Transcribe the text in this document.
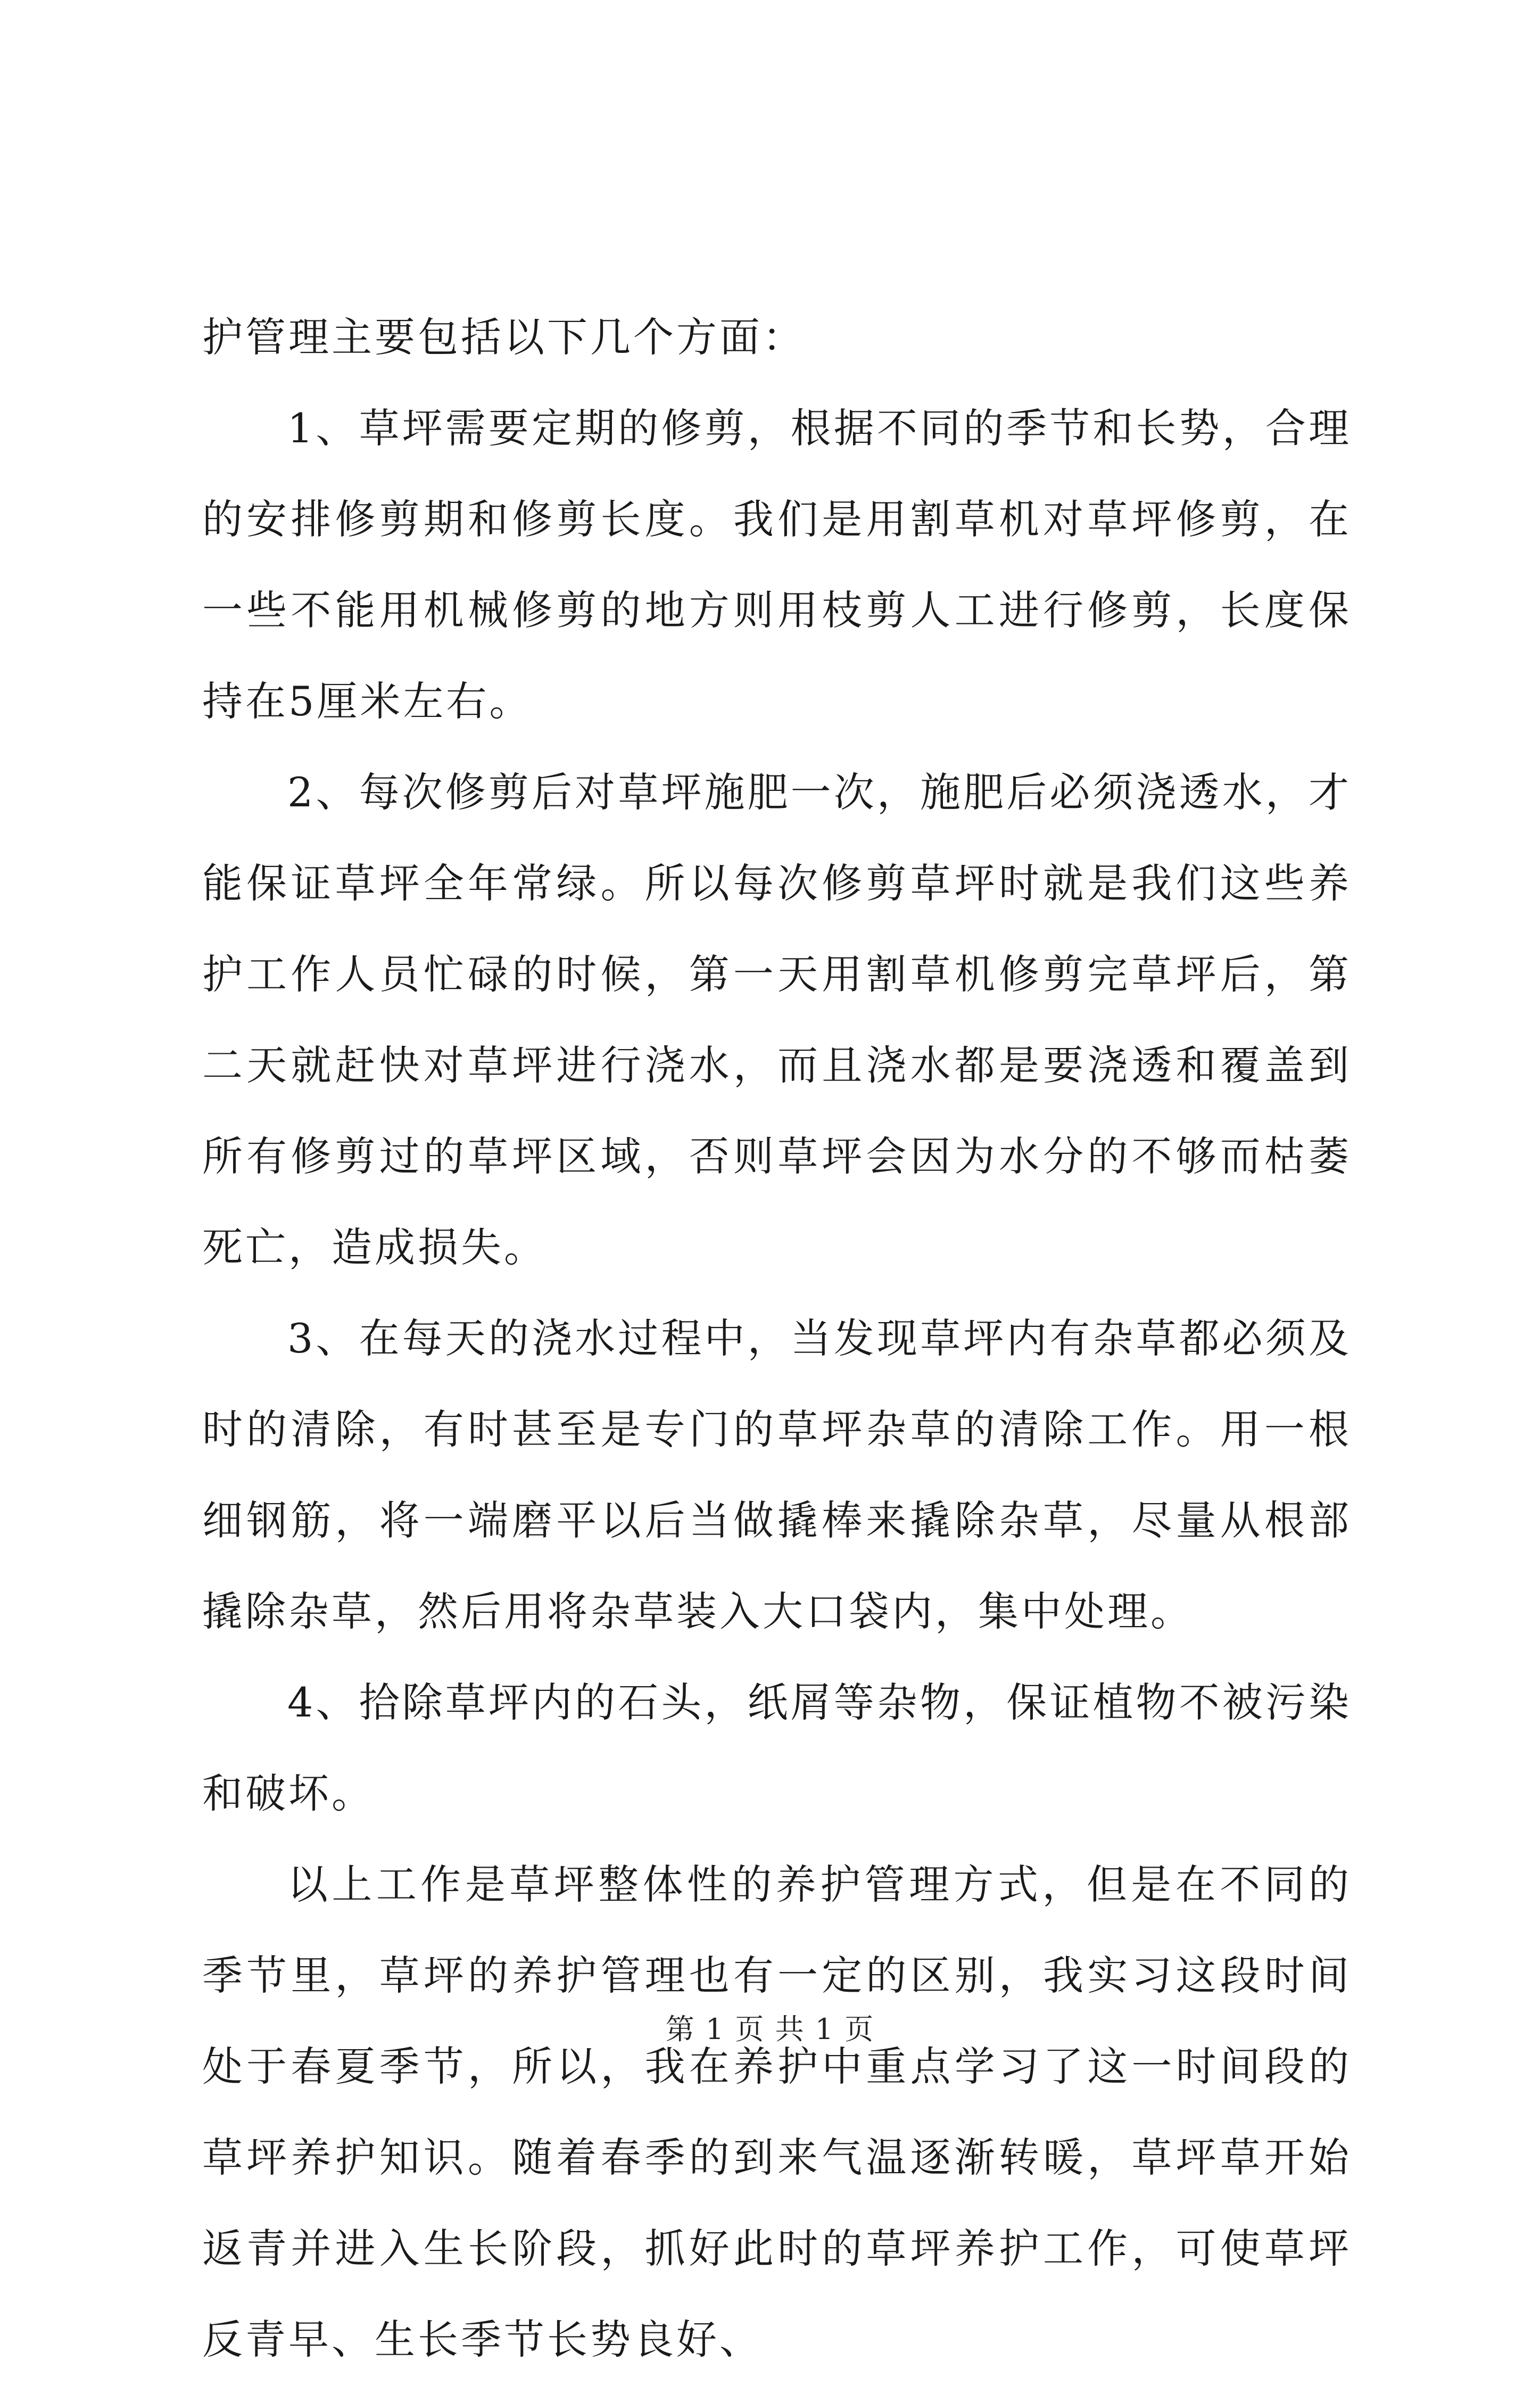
护管理主要包括以下几个方面：

1、草坪需要定期的修剪，根据不同的季节和长势，合理的安排修剪期和修剪长度。我们是用割草机对草坪修剪，在一些不能用机械修剪的地方则用枝剪人工进行修剪，长度保持在5厘米左右。

2、每次修剪后对草坪施肥一次，施肥后必须浇透水，才能保证草坪全年常绿。所以每次修剪草坪时就是我们这些养护工作人员忙碌的时候，第一天用割草机修剪完草坪后，第二天就赶快对草坪进行浇水，而且浇水都是要浇透和覆盖到所有修剪过的草坪区域，否则草坪会因为水分的不够而枯萎死亡，造成损失。

3、在每天的浇水过程中，当发现草坪内有杂草都必须及时的清除，有时甚至是专门的草坪杂草的清除工作。用一根细钢筋，将一端磨平以后当做撬棒来撬除杂草，尽量从根部撬除杂草，然后用将杂草装入大口袋内，集中处理。

4、拾除草坪内的石头，纸屑等杂物，保证植物不被污染和破坏。

以上工作是草坪整体性的养护管理方式，但是在不同的季节里，草坪的养护管理也有一定的区别，我实习这段时间处于春夏季节，所以，我在养护中重点学习了这一时间段的草坪养护知识。随着春季的到来气温逐渐转暖，草坪草开始返青并进入生长阶段，抓好此时的草坪养护工作，可使草坪反青早、生长季节长势良好、

第 1 页 共 1 页
